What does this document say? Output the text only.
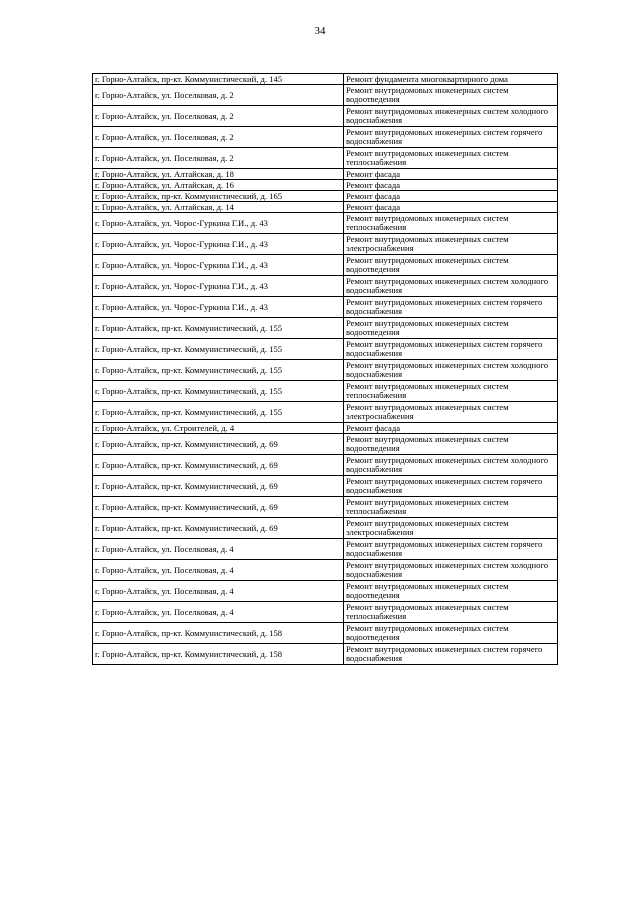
34
г. Горно-Алтайск, пр-кт. Коммунистический, д. 145	Ремонт фундамента многоквартирного дома
г. Горно-Алтайск, ул. Поселковая, д. 2	Ремонт внутридомовых инженерных систем водоотведения
г. Горно-Алтайск, ул. Поселковая, д. 2	Ремонт внутридомовых инженерных систем холодного водоснабжения
г. Горно-Алтайск, ул. Поселковая, д. 2	Ремонт внутридомовых инженерных систем горячего водоснабжения
г. Горно-Алтайск, ул. Поселковая, д. 2	Ремонт внутридомовых инженерных систем теплоснабжения
г. Горно-Алтайск, ул. Алтайская, д. 18	Ремонт фасада
г. Горно-Алтайск, ул. Алтайская, д. 16	Ремонт фасада
г. Горно-Алтайск, пр-кт. Коммунистический, д. 165	Ремонт фасада
г. Горно-Алтайск, ул. Алтайская, д. 14	Ремонт фасада
г. Горно-Алтайск, ул. Чорос-Гуркина Г.И., д. 43	Ремонт внутридомовых инженерных систем теплоснабжения
г. Горно-Алтайск, ул. Чорос-Гуркина Г.И., д. 43	Ремонт внутридомовых инженерных систем электроснабжения
г. Горно-Алтайск, ул. Чорос-Гуркина Г.И., д. 43	Ремонт внутридомовых инженерных систем водоотведения
г. Горно-Алтайск, ул. Чорос-Гуркина Г.И., д. 43	Ремонт внутридомовых инженерных систем холодного водоснабжения
г. Горно-Алтайск, ул. Чорос-Гуркина Г.И., д. 43	Ремонт внутридомовых инженерных систем горячего водоснабжения
г. Горно-Алтайск, пр-кт. Коммунистический, д. 155	Ремонт внутридомовых инженерных систем водоотведения
г. Горно-Алтайск, пр-кт. Коммунистический, д. 155	Ремонт внутридомовых инженерных систем горячего водоснабжения
г. Горно-Алтайск, пр-кт. Коммунистический, д. 155	Ремонт внутридомовых инженерных систем холодного водоснабжения
г. Горно-Алтайск, пр-кт. Коммунистический, д. 155	Ремонт внутридомовых инженерных систем теплоснабжения
г. Горно-Алтайск, пр-кт. Коммунистический, д. 155	Ремонт внутридомовых инженерных систем электроснабжения
г. Горно-Алтайск, ул. Строителей, д. 4	Ремонт фасада
г. Горно-Алтайск, пр-кт. Коммунистический, д. 69	Ремонт внутридомовых инженерных систем водоотведения
г. Горно-Алтайск, пр-кт. Коммунистический, д. 69	Ремонт внутридомовых инженерных систем холодного водоснабжения
г. Горно-Алтайск, пр-кт. Коммунистический, д. 69	Ремонт внутридомовых инженерных систем горячего водоснабжения
г. Горно-Алтайск, пр-кт. Коммунистический, д. 69	Ремонт внутридомовых инженерных систем теплоснабжения
г. Горно-Алтайск, пр-кт. Коммунистический, д. 69	Ремонт внутридомовых инженерных систем электроснабжения
г. Горно-Алтайск, ул. Поселковая, д. 4	Ремонт внутридомовых инженерных систем горячего водоснабжения
г. Горно-Алтайск, ул. Поселковая, д. 4	Ремонт внутридомовых инженерных систем холодного водоснабжения
г. Горно-Алтайск, ул. Поселковая, д. 4	Ремонт внутридомовых инженерных систем водоотведения
г. Горно-Алтайск, ул. Поселковая, д. 4	Ремонт внутридомовых инженерных систем теплоснабжения
г. Горно-Алтайск, пр-кт. Коммунистический, д. 158	Ремонт внутридомовых инженерных систем водоотведения
г. Горно-Алтайск, пр-кт. Коммунистический, д. 158	Ремонт внутридомовых инженерных систем горячего водоснабжения
